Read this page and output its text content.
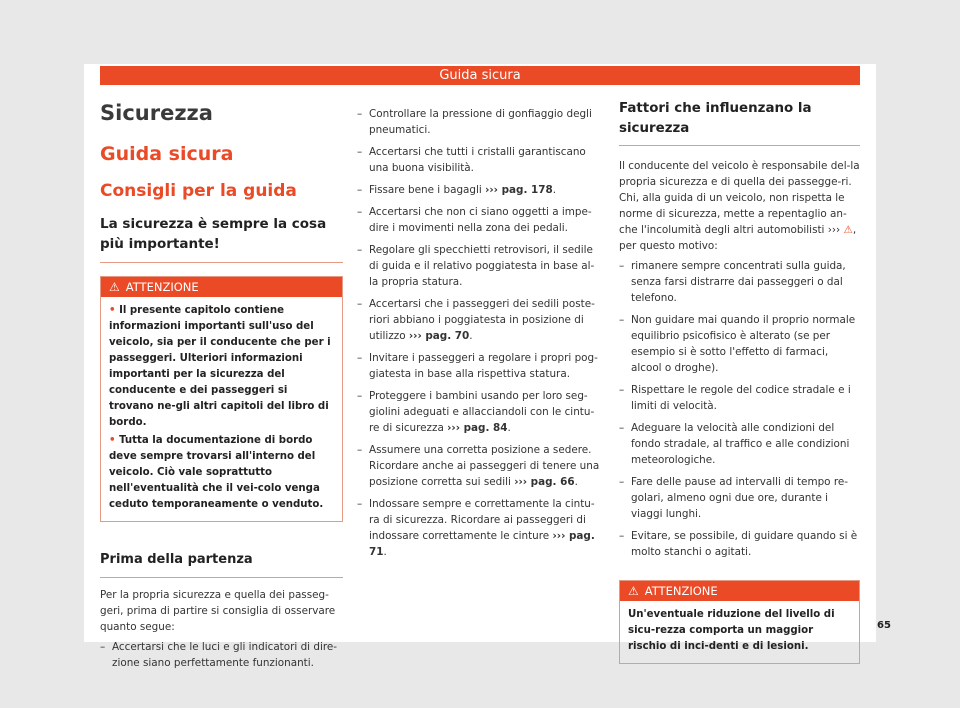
Guida sicura
Sicurezza
Guida sicura
Consigli per la guida
La sicurezza è sempre la cosa più importante!
⚠ ATTENZIONE
• Il presente capitolo contiene informazioni importanti sull'uso del veicolo, sia per il conducente che per i passeggeri. Ulteriori informazioni importanti per la sicurezza del conducente e dei passeggeri si trovano ne-gli altri capitoli del libro di bordo.
• Tutta la documentazione di bordo deve sempre trovarsi all'interno del veicolo. Ciò vale soprattutto nell'eventualità che il vei-colo venga ceduto temporaneamente o venduto.
Prima della partenza

Per la propria sicurezza e quella dei passeg-geri, prima di partire si consiglia di osservare quanto segue:

– Accertarsi che le luci e gli indicatori di dire-zione siano perfettamente funzionanti.
– Controllare la pressione di gonfiaggio degli pneumatici.
– Accertarsi che tutti i cristalli garantiscano una buona visibilità.
– Fissare bene i bagagli ››› pag. 178.
– Accertarsi che non ci siano oggetti a impe-dire i movimenti nella zona dei pedali.
– Regolare gli specchietti retrovisori, il sedile di guida e il relativo poggiatesta in base al-la propria statura.
– Accertarsi che i passeggeri dei sedili poste-riori abbiano i poggiatesta in posizione di utilizzo ››› pag. 70.
– Invitare i passeggeri a regolare i propri pog-giatesta in base alla rispettiva statura.
– Proteggere i bambini usando per loro seg-giolini adeguati e allacciandoli con le cintu-re di sicurezza ››› pag. 84.
– Assumere una corretta posizione a sedere. Ricordare anche ai passeggeri di tenere una posizione corretta sui sedili ››› pag. 66.
– Indossare sempre e correttamente la cintu-ra di sicurezza. Ricordare ai passeggeri di indossare correttamente le cinture ››› pag. 71.
Fattori che influenzano la sicurezza

Il conducente del veicolo è responsabile del-la propria sicurezza e di quella dei passegge-ri. Chi, alla guida di un veicolo, non rispetta le norme di sicurezza, mette a repentaglio an-che l'incolumità degli altri automobilisti ››› ⚠, per questo motivo:

– rimanere sempre concentrati sulla guida, senza farsi distrarre dai passeggeri o dal telefono.
– Non guidare mai quando il proprio normale equilibrio psicofisico è alterato (se per esempio si è sotto l'effetto di farmaci, alcool o droghe).
– Rispettare le regole del codice stradale e i limiti di velocità.
– Adeguare la velocità alle condizioni del fondo stradale, al traffico e alle condizioni meteorologiche.
– Fare delle pause ad intervalli di tempo re-golari, almeno ogni due ore, durante i viaggi lunghi.
– Evitare, se possibile, di guidare quando si è molto stanchi o agitati.
⚠ ATTENZIONE
Un'eventuale riduzione del livello di sicu-rezza comporta un maggior rischio di inci-denti e di lesioni.
65
